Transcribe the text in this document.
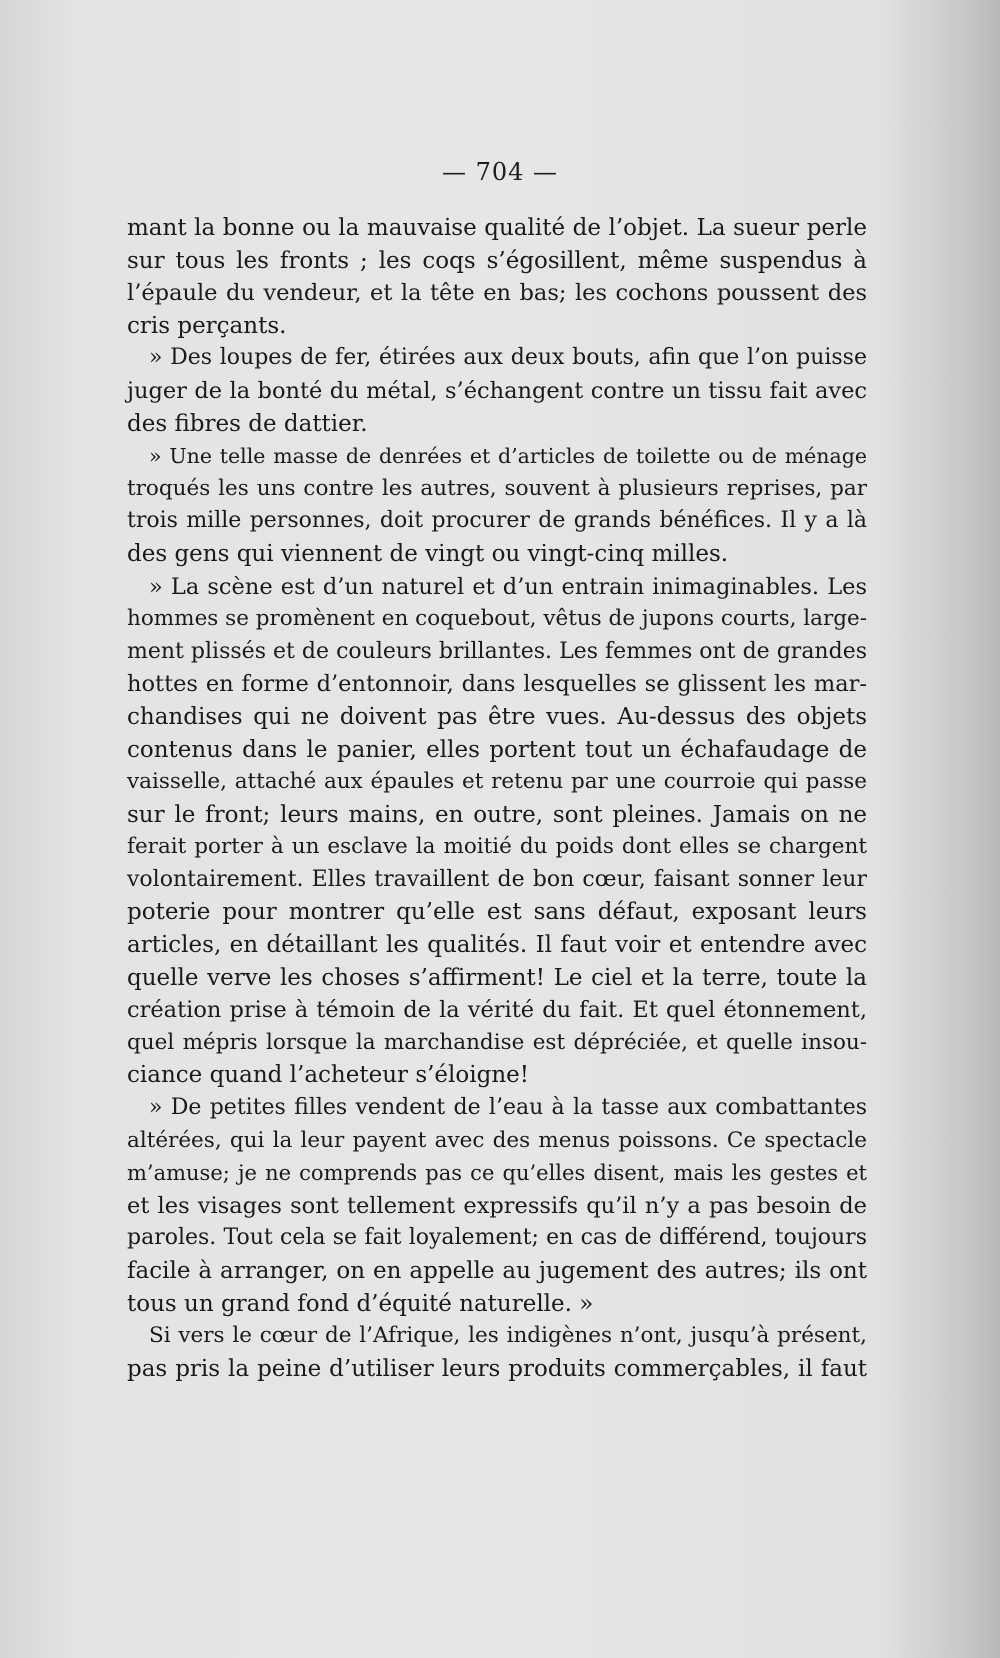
— 704 —
mant la bonne ou la mauvaise qualité de l’objet. La sueur perle
sur tous les fronts ; les coqs s’égosillent, même suspendus à
l’épaule du vendeur, et la tête en bas; les cochons poussent des
cris perçants.
» Des loupes de fer, étirées aux deux bouts, afin que l’on puisse
juger de la bonté du métal, s’échangent contre un tissu fait avec
des fibres de dattier.
» Une telle masse de denrées et d’articles de toilette ou de ménage
troqués les uns contre les autres, souvent à plusieurs reprises, par
trois mille personnes, doit procurer de grands bénéfices. Il y a là
des gens qui viennent de vingt ou vingt-cinq milles.
» La scène est d’un naturel et d’un entrain inimaginables. Les
hommes se promènent en coquebout, vêtus de jupons courts, large-
ment plissés et de couleurs brillantes. Les femmes ont de grandes
hottes en forme d’entonnoir, dans lesquelles se glissent les mar-
chandises qui ne doivent pas être vues. Au-dessus des objets
contenus dans le panier, elles portent tout un échafaudage de
vaisselle, attaché aux épaules et retenu par une courroie qui passe
sur le front; leurs mains, en outre, sont pleines. Jamais on ne
ferait porter à un esclave la moitié du poids dont elles se chargent
volontairement. Elles travaillent de bon cœur, faisant sonner leur
poterie pour montrer qu’elle est sans défaut, exposant leurs
articles, en détaillant les qualités. Il faut voir et entendre avec
quelle verve les choses s’affirment! Le ciel et la terre, toute la
création prise à témoin de la vérité du fait. Et quel étonnement,
quel mépris lorsque la marchandise est dépréciée, et quelle insou-
ciance quand l’acheteur s’éloigne!
» De petites filles vendent de l’eau à la tasse aux combattantes
altérées, qui la leur payent avec des menus poissons. Ce spectacle
m’amuse; je ne comprends pas ce qu’elles disent, mais les gestes et
et les visages sont tellement expressifs qu’il n’y a pas besoin de
paroles. Tout cela se fait loyalement; en cas de différend, toujours
facile à arranger, on en appelle au jugement des autres; ils ont
tous un grand fond d’équité naturelle. »
Si vers le cœur de l’Afrique, les indigènes n’ont, jusqu’à présent,
pas pris la peine d’utiliser leurs produits commerçables, il faut
